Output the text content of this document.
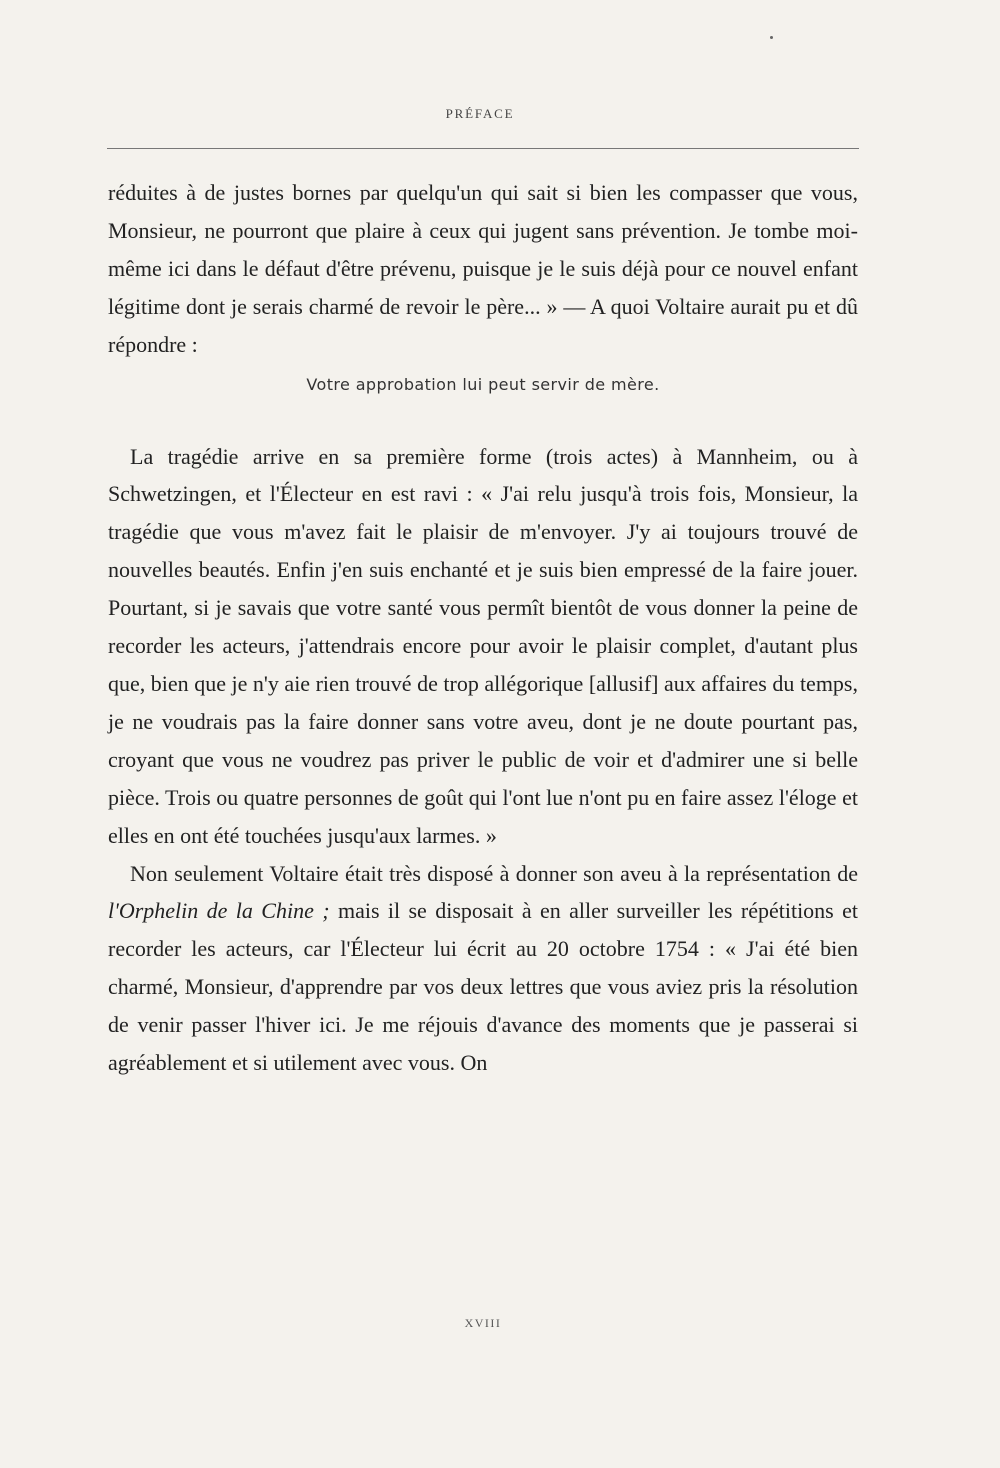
PRÉFACE

réduites à de justes bornes par quelqu'un qui sait si bien les compasser que vous, Monsieur, ne pourront que plaire à ceux qui jugent sans prévention. Je tombe moi-même ici dans le défaut d'être prévenu, puisque je le suis déjà pour ce nouvel enfant légitime dont je serais charmé de revoir le père... » — A quoi Voltaire aurait pu et dû répondre :

Votre approbation lui peut servir de mère.

La tragédie arrive en sa première forme (trois actes) à Mannheim, ou à Schwetzingen, et l'Électeur en est ravi : « J'ai relu jusqu'à trois fois, Monsieur, la tragédie que vous m'avez fait le plaisir de m'envoyer. J'y ai toujours trouvé de nouvelles beautés. Enfin j'en suis enchanté et je suis bien empressé de la faire jouer. Pourtant, si je savais que votre santé vous permît bientôt de vous donner la peine de recorder les acteurs, j'attendrais encore pour avoir le plaisir complet, d'autant plus que, bien que je n'y aie rien trouvé de trop allégorique [allusif] aux affaires du temps, je ne voudrais pas la faire donner sans votre aveu, dont je ne doute pourtant pas, croyant que vous ne voudrez pas priver le public de voir et d'admirer une si belle pièce. Trois ou quatre personnes de goût qui l'ont lue n'ont pu en faire assez l'éloge et elles en ont été touchées jusqu'aux larmes. »

Non seulement Voltaire était très disposé à donner son aveu à la représentation de l'Orphelin de la Chine ; mais il se disposait à en aller surveiller les répétitions et recorder les acteurs, car l'Électeur lui écrit au 20 octobre 1754 : « J'ai été bien charmé, Monsieur, d'apprendre par vos deux lettres que vous aviez pris la résolution de venir passer l'hiver ici. Je me réjouis d'avance des moments que je passerai si agréablement et si utilement avec vous. On

XVIII
